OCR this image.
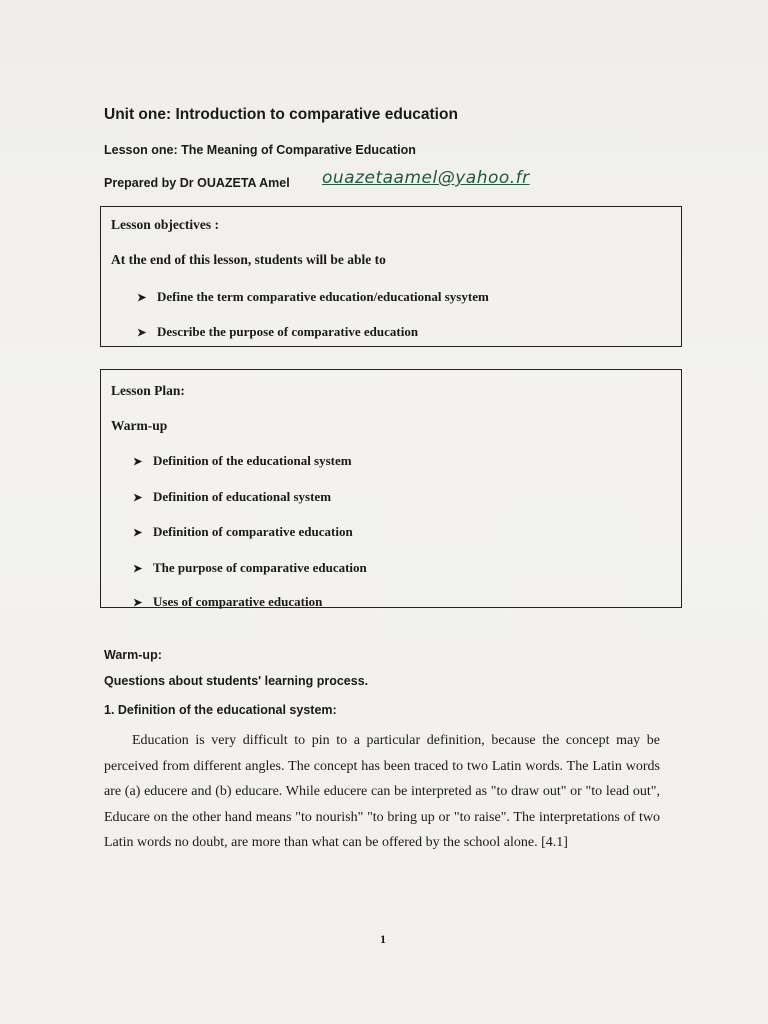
Unit one: Introduction to comparative education
Lesson one: The Meaning of Comparative Education
Prepared by Dr OUAZETA Amel ouazetaamel@yahoo.fr
Lesson objectives :
At the end of this lesson, students will be able to
➤ Define the term comparative education/educational sysytem
➤ Describe the purpose of comparative education
Lesson Plan:
Warm-up
➤ Definition of the educational system
➤ Definition of educational system
➤ Definition of comparative education
➤ The purpose of comparative education
➤ Uses of comparative education
Warm-up:
Questions about students' learning process.
1. Definition of the educational system:
Education is very difficult to pin to a particular definition, because the concept may be perceived from different angles. The concept has been traced to two Latin words. The Latin words are (a) educere and (b) educare. While educere can be interpreted as "to draw out" or "to lead out", Educare on the other hand means "to nourish" "to bring up or "to raise". The interpretations of two Latin words no doubt, are more than what can be offered by the school alone. [4.1]
1
